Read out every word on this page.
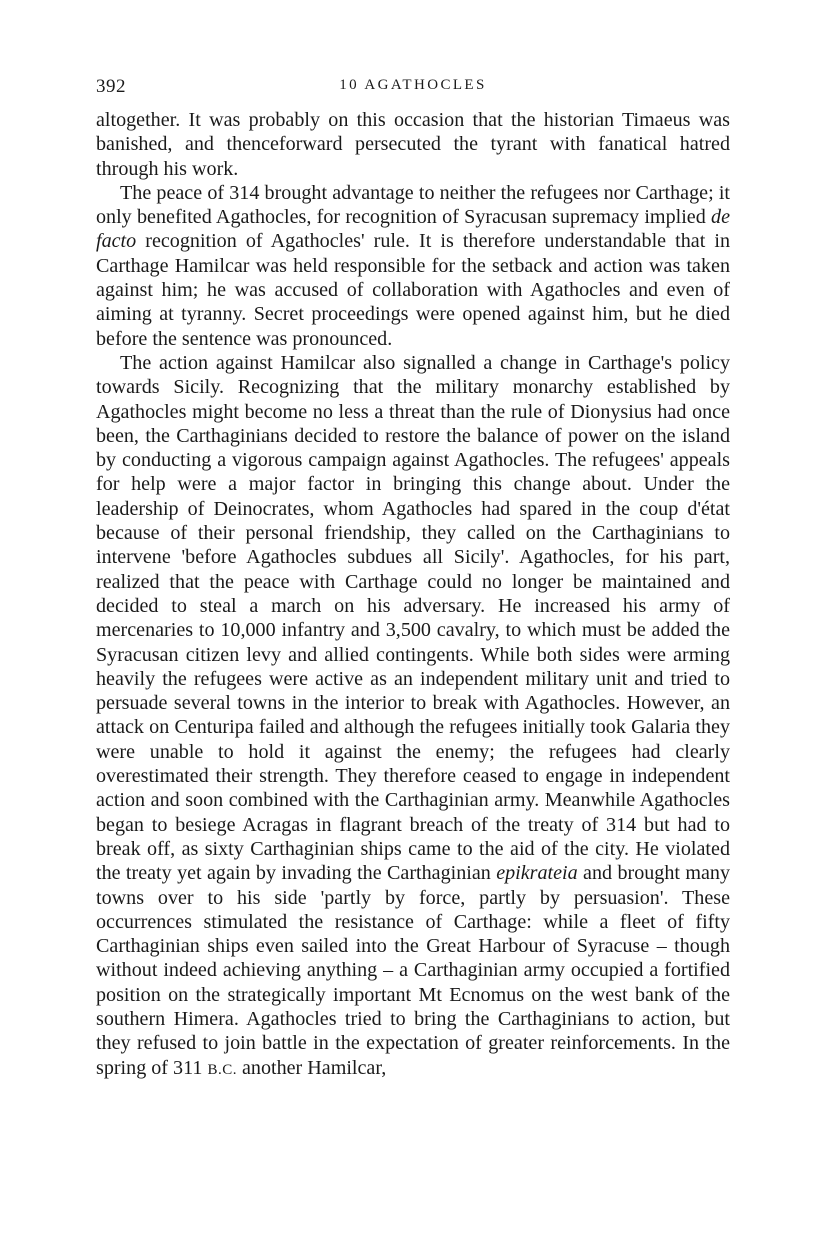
392	10 AGATHOCLES

altogether. It was probably on this occasion that the historian Timaeus was banished, and thenceforward persecuted the tyrant with fanatical hatred through his work.

The peace of 314 brought advantage to neither the refugees nor Carthage; it only benefited Agathocles, for recognition of Syracusan supremacy implied de facto recognition of Agathocles' rule. It is therefore understandable that in Carthage Hamilcar was held responsible for the setback and action was taken against him; he was accused of collaboration with Agathocles and even of aiming at tyranny. Secret proceedings were opened against him, but he died before the sentence was pronounced.

The action against Hamilcar also signalled a change in Carthage's policy towards Sicily. Recognizing that the military monarchy established by Agathocles might become no less a threat than the rule of Dionysius had once been, the Carthaginians decided to restore the balance of power on the island by conducting a vigorous campaign against Agathocles. The refugees' appeals for help were a major factor in bringing this change about. Under the leadership of Deinocrates, whom Agathocles had spared in the coup d'état because of their personal friendship, they called on the Carthaginians to intervene 'before Agathocles subdues all Sicily'. Agathocles, for his part, realized that the peace with Carthage could no longer be maintained and decided to steal a march on his adversary. He increased his army of mercenaries to 10,000 infantry and 3,500 cavalry, to which must be added the Syracusan citizen levy and allied contingents. While both sides were arming heavily the refugees were active as an independent military unit and tried to persuade several towns in the interior to break with Agathocles. However, an attack on Centuripa failed and although the refugees initially took Galaria they were unable to hold it against the enemy; the refugees had clearly overestimated their strength. They therefore ceased to engage in independent action and soon combined with the Carthaginian army. Meanwhile Agathocles began to besiege Acragas in flagrant breach of the treaty of 314 but had to break off, as sixty Carthaginian ships came to the aid of the city. He violated the treaty yet again by invading the Carthaginian epikrateia and brought many towns over to his side 'partly by force, partly by persuasion'. These occurrences stimulated the resistance of Carthage: while a fleet of fifty Carthaginian ships even sailed into the Great Harbour of Syracuse – though without indeed achieving anything – a Carthaginian army occupied a fortified position on the strategically important Mt Ecnomus on the west bank of the southern Himera. Agathocles tried to bring the Carthaginians to action, but they refused to join battle in the expectation of greater reinforcements. In the spring of 311 B.C. another Hamilcar,
